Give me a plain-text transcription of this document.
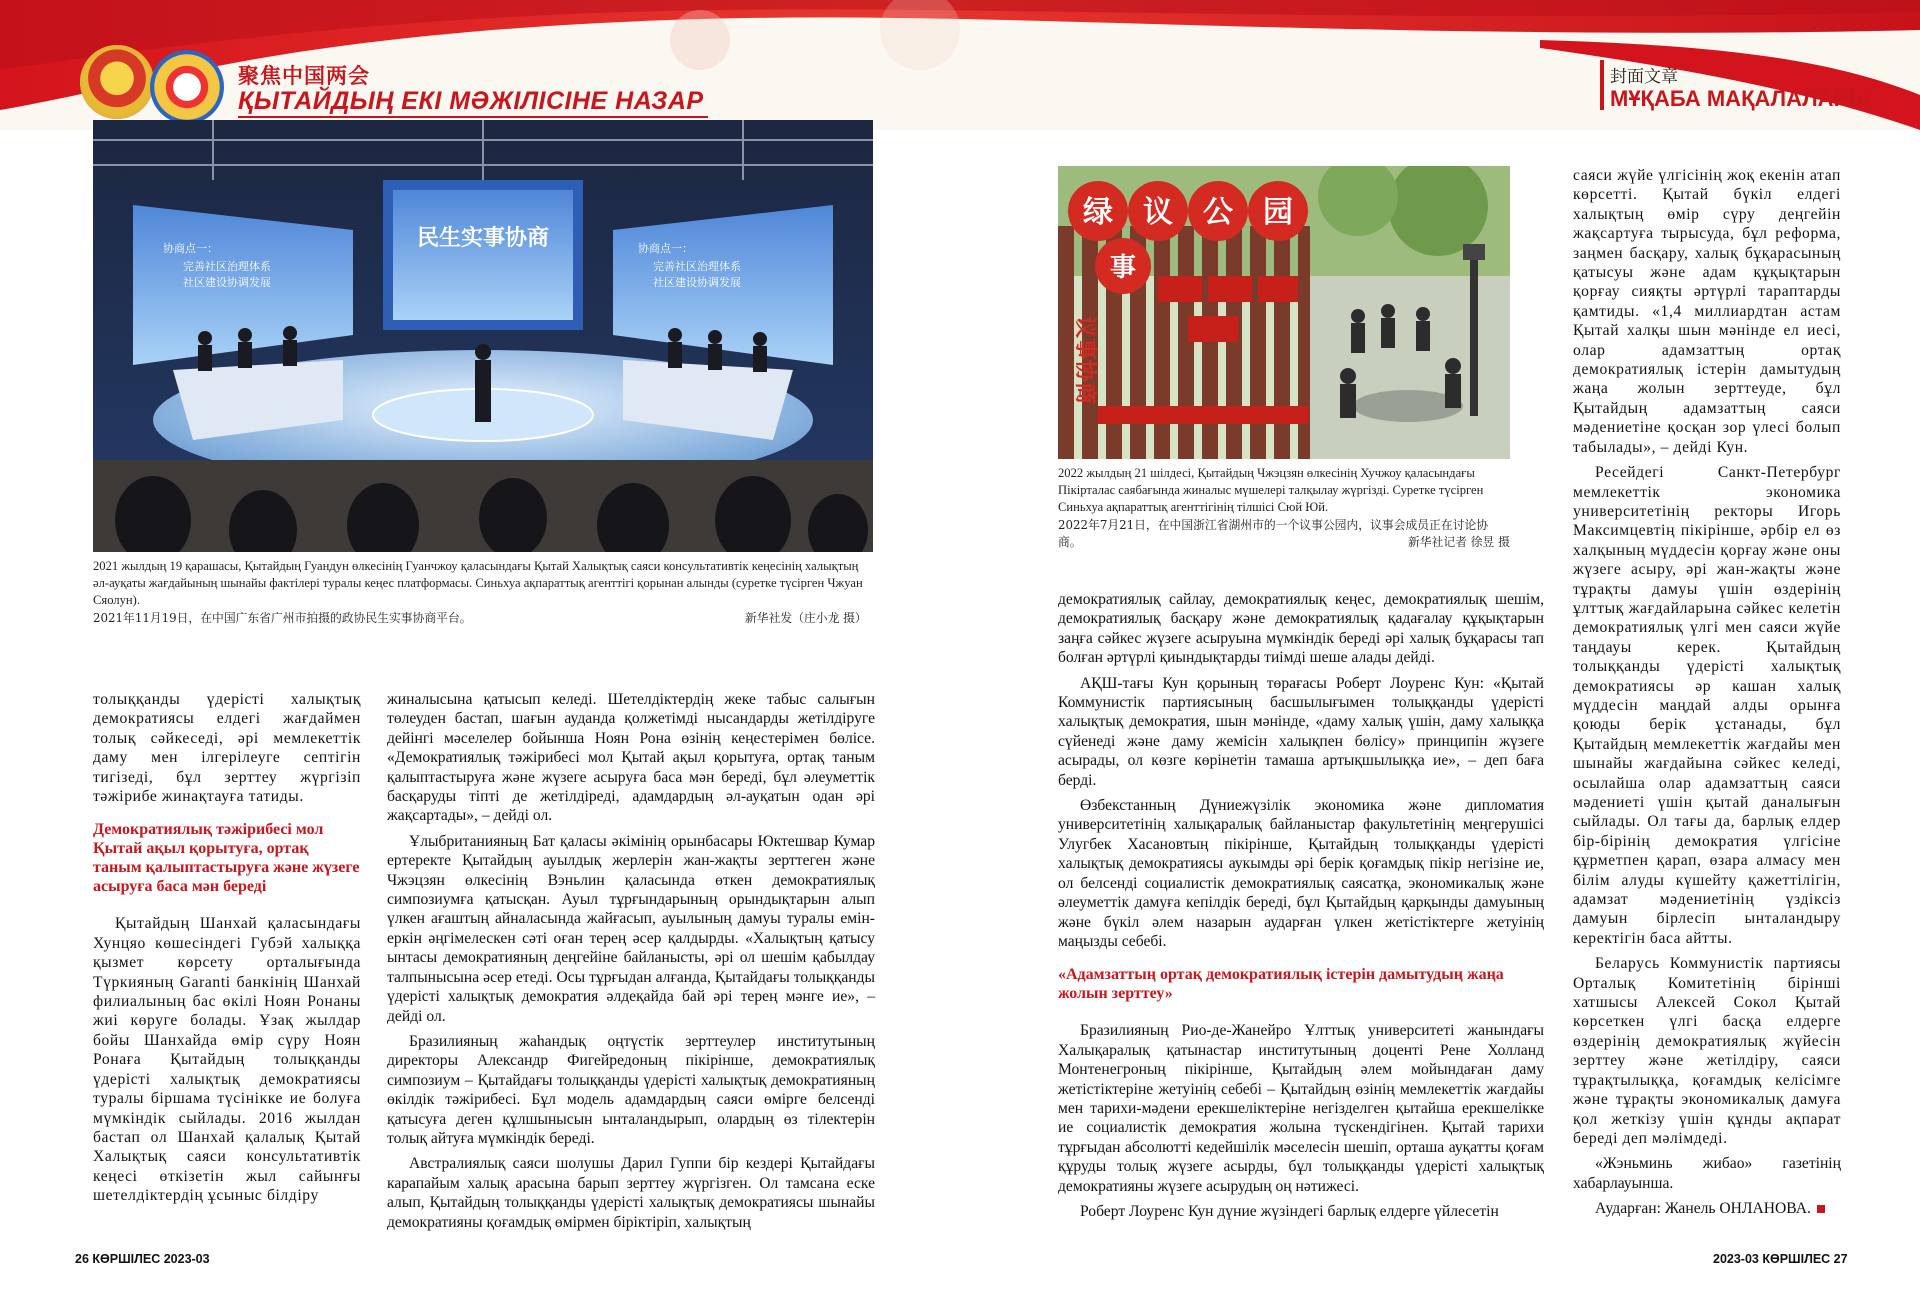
聚焦中国两会
ҚЫТАЙДЫҢ ЕКІ МӘЖІЛІСІНЕ НАЗАР
封面文章
МҰҚАБА МАҚАЛАЛАРЫ
民生实事协商
协商点一：
完善社区治理体系
社区建设协调发展
协商点一：
完善社区治理体系
社区建设协调发展
2021 жылдың 19 қарашасы, Қытайдың Гуандун өлкесінің Гуанчжоу қаласындағы Қытай Халықтық саяси консультативтік кеңесінің халықтың әл-ауқаты жағдайының шынайы фактілері туралы кеңес платформасы. Синьхуа ақпараттық агенттігі қорынан алынды (суретке түсірген Чжуан Сяолун).
2021年11月19日，在中国广东省广州市拍摄的政协民生实事协商平台。	新华社发（庄小龙 摄）
绿 议 公 园
事
议事协商
2022 жылдың 21 шілдесі, Қытайдың Чжэцзян өлкесінің Хучжоу қаласындағы Пікірталас саябағында жиналыс мүшелері талқылау жүргізді. Суретке түсірген Синьхуа ақпараттық агенттігінің тілшісі Сюй Юй.
2022年7月21日，在中国浙江省湖州市的一个议事公园内，议事会成员正在讨论协商。	新华社记者 徐昱 摄

толыққанды үдерісті халықтық демократиясы елдегі жағдаймен толық сәйкеседі, әрі мемлекеттік даму мен ілгерілеуге септігін тигізеді, бұл зерттеу жүргізіп тәжірибе жинақтауға татиды.

Демократиялық тәжірибесі мол Қытай ақыл қорытуға, ортақ таным қалыптастыруға және жүзеге асыруға баса мән береді

Қытайдың Шанхай қаласындағы Хунцяо көшесіндегі Губэй халыққа қызмет көрсету орталығында Түркияның Garanti банкінің Шанхай филиалының бас өкілі Ноян Ронаны жиі көруге болады. Ұзақ жылдар бойы Шанхайда өмір сүру Ноян Ронаға Қытайдың толыққанды үдерісті халықтық демократиясы туралы біршама түсінікке ие болуға мүмкіндік сыйлады. 2016 жылдан бастап ол Шанхай қалалық Қытай Халықтық саяси консультативтік кеңесі өткізетін жыл сайынғы шетелдіктердің ұсыныс білдіру

жиналысына қатысып келеді. Шетелдіктердің жеке табыс салығын төлеуден бастап, шағын ауданда қолжетімді нысандарды жетілдіруге дейінгі мәселелер бойынша Ноян Рона өзінің кеңестерімен бөлісе. «Демократиялық тәжірибесі мол Қытай ақыл қорытуға, ортақ таным қалыптастыруға және жүзеге асыруға баса мән береді, бұл әлеуметтік басқаруды тіпті де жетілдіреді, адамдардың әл-ауқатын одан әрі жақсартады», – дейді ол.

Ұлыбританияның Бат қаласы әкімінің орынбасары Юктешвар Кумар ертеректе Қытайдың ауылдық жерлерін жан-жақты зерттеген және Чжэцзян өлкесінің Вэньлин қаласында өткен демократиялық симпозиумға қатысқан. Ауыл тұрғындарының орындықтарын алып үлкен ағаштың айналасында жайғасып, ауылының дамуы туралы емін-еркін әңгімелескен сәті оған терең әсер қалдырды. «Халықтың қатысу ынтасы демократияның деңгейіне байланысты, әрі ол шешім қабылдау талпынысына әсер етеді. Осы тұрғыдан алғанда, Қытайдағы толыққанды үдерісті халықтық демократия әлдеқайда бай әрі терең мәнге ие», – дейді ол.

Бразилияның жаһандық оңтүстік зерттеулер институтының директоры Александр Фигейредоның пікірінше, демократиялық симпозиум – Қытайдағы толыққанды үдерісті халықтық демократияның өкілдік тәжірибесі. Бұл модель адамдардың саяси өмірге белсенді қатысуға деген құлшынысын ынталандырып, олардың өз тілектерін толық айтуға мүмкіндік береді.

Австралиялық саяси шолушы Дарил Гуппи бір кездері Қытайдағы карапайым халық арасына барып зерттеу жүргізген. Ол тамсана еске алып, Қытайдың толыққанды үдерісті халықтық демократиясы шынайы демократияны қоғамдық өмірмен біріктіріп, халықтың

демократиялық сайлау, демократиялық кеңес, демократиялық шешім, демократиялық басқару және демократиялық қадағалау құқықтарын заңға сәйкес жүзеге асыруына мүмкіндік береді әрі халық бұқарасы тап болған әртүрлі қиындықтарды тиімді шеше алады дейді.

АҚШ-тағы Кун қорының төрағасы Роберт Лоуренс Кун: «Қытай Коммунистік партиясының басшылығымен толыққанды үдерісті халықтық демократия, шын мәнінде, «даму халық үшін, даму халыққа сүйенеді және даму жемісін халықпен бөлісу» принципін жүзеге асырады, ол көзге көрінетін тамаша артықшылыққа ие», – деп баға берді.

Өзбекстанның Дүниежүзілік экономика және дипломатия университетінің халықаралық байланыстар факультетінің меңгерушісі Улугбек Хасановтың пікірінше, Қытайдың толыққанды үдерісті халықтық демократиясы аукымды әрі берік қоғамдық пікір негізіне ие, ол белсенді социалистік демократиялық саясатқа, экономикалық және әлеуметтік дамуға кепілдік береді, бұл Қытайдың қарқынды дамуының және бүкіл әлем назарын аударған үлкен жетістіктерге жетуінің маңызды себебі.

«Адамзаттың ортақ демократиялық істерін дамытудың жаңа жолын зерттеу»

Бразилияның Рио-де-Жанейро Ұлттық университеті жанындағы Халықаралық қатынастар институтының доценті Рене Холланд Монтенегроның пікірінше, Қытайдың әлем мойындаған даму жетістіктеріне жетуінің себебі – Қытайдың өзінің мемлекеттік жағдайы мен тарихи-мәдени ерекшеліктеріне негізделген қытайша ерекшелікке ие социалистік демократия жолына түскендігінен. Қытай тарихи тұрғыдан абсолютті кедейшілік мәселесін шешіп, орташа ауқатты қоғам құруды толық жүзеге асырды, бұл толыққанды үдерісті халықтық демократияны жүзеге асырудың оң нәтижесі.

Роберт Лоуренс Кун дүние жүзіндегі барлық елдерге үйлесетін

саяси жүйе үлгісінің жоқ екенін атап көрсетті. Қытай бүкіл елдегі халықтың өмір сүру деңгейін жақсартуға тырысуда, бұл реформа, заңмен басқару, халық бұқарасының қатысуы және адам құқықтарын қорғау сияқты әртүрлі тараптарды қамтиды. «1,4 миллиардтан астам Қытай халқы шын мәнінде ел иесі, олар адамзаттың ортақ демократиялық істерін дамытудың жаңа жолын зерттеуде, бұл Қытайдың адамзаттың саяси мәдениетіне қосқан зор үлесі болып табылады», – дейді Кун.

Ресейдегі Санкт-Петербург мемлекеттік экономика университетінің ректоры Игорь Максимцевтің пікірінше, әрбір ел өз халқының мүддесін қорғау және оны жүзеге асыру, әрі жан-жақты және тұрақты дамуы үшін өздерінің ұлттық жағдайларына сәйкес келетін демократиялық үлгі мен саяси жүйе таңдауы керек. Қытайдың толыққанды үдерісті халықтық демократиясы әр кашан халық мүддесін маңдай алды орынға қоюды берік ұстанады, бұл Қытайдың мемлекеттік жағдайы мен шынайы жағдайына сәйкес келеді, осылайша олар адамзаттың саяси мәдениеті үшін қытай даналығын сыйлады. Ол тағы да, барлық елдер бір-бірінің демократия үлгісіне құрметпен қарап, өзара алмасу мен білім алуды күшейту қажеттілігін, адамзат мәдениетінің үздіксіз дамуын бірлесіп ынталандыру керектігін баса айтты.

Беларусь Коммунистік партиясы Орталық Комитетінің бірінші хатшысы Алексей Сокол Қытай көрсеткен үлгі басқа елдерге өздерінің демократиялық жүйесін зерттеу және жетілдіру, саяси тұрақтылыққа, қоғамдық келісімге және тұрақты экономикалық дамуға қол жеткізу үшін құнды ақпарат береді деп мәлімдеді.

«Жэньминь жибао» газетінің хабарлауынша.

Аударған: Жанель ОНЛАНОВА.

26 КӨРШІЛЕС 2023-03	2023-03 КӨРШІЛЕС 27
